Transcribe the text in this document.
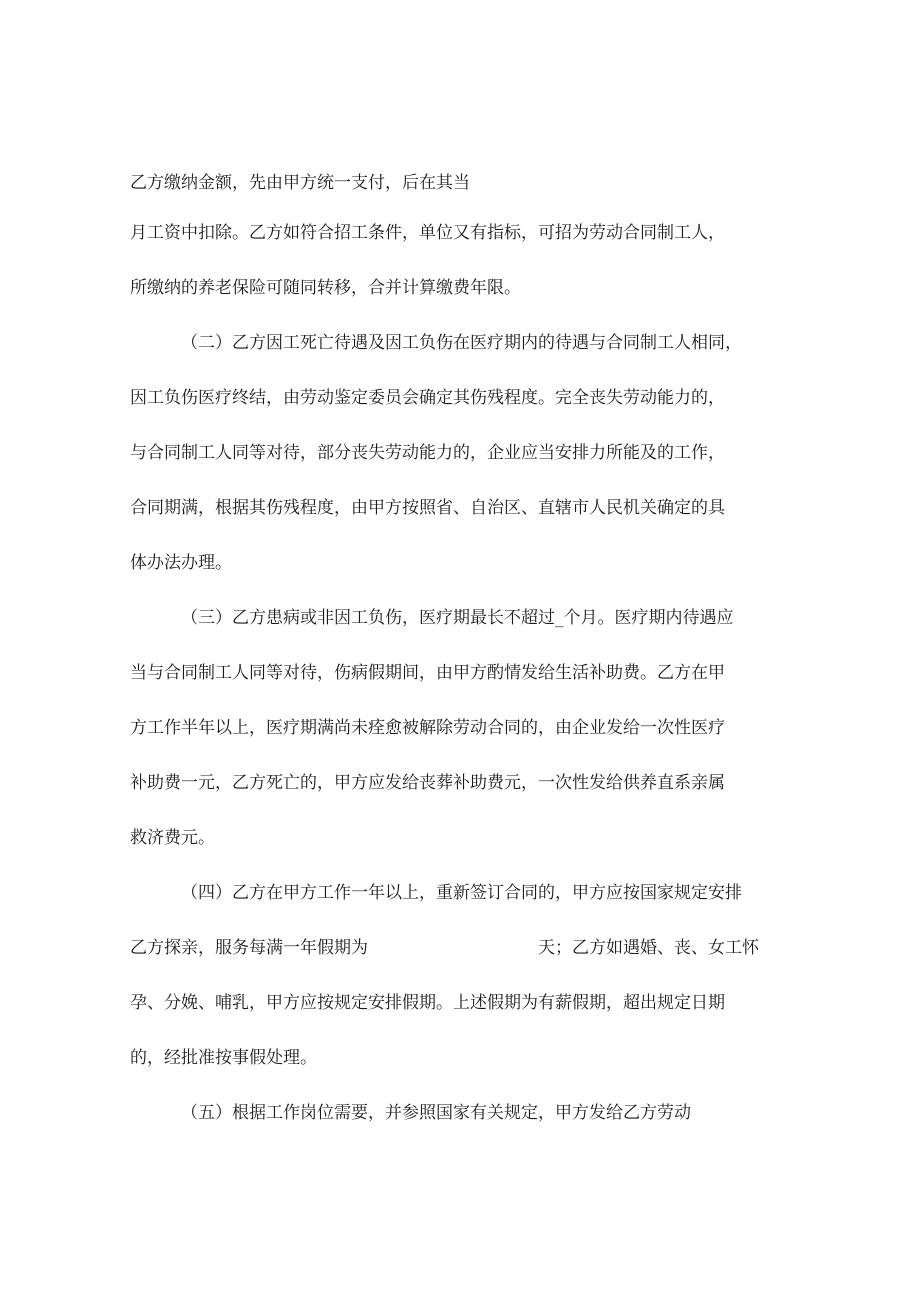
乙方缴纳金额，先由甲方统一支付，后在其当
月工资中扣除。乙方如符合招工条件，单位又有指标，可招为劳动合同制工人，
所缴纳的养老保险可随同转移，合并计算缴费年限。
（二）乙方因工死亡待遇及因工负伤在医疗期内的待遇与合同制工人相同，
因工负伤医疗终结，由劳动鉴定委员会确定其伤残程度。完全丧失劳动能力的，
与合同制工人同等对待，部分丧失劳动能力的，企业应当安排力所能及的工作，
合同期满，根据其伤残程度，由甲方按照省、自治区、直辖市人民机关确定的具
体办法办理。
（三）乙方患病或非因工负伤，医疗期最长不超过_个月。医疗期内待遇应
当与合同制工人同等对待，伤病假期间，由甲方酌情发给生活补助费。乙方在甲
方工作半年以上，医疗期满尚未痊愈被解除劳动合同的，由企业发给一次性医疗
补助费一元，乙方死亡的，甲方应发给丧葬补助费元，一次性发给供养直系亲属
救济费元。
（四）乙方在甲方工作一年以上，重新签订合同的，甲方应按国家规定安排
乙方探亲，服务每满一年假期为	天；乙方如遇婚、丧、女工怀
孕、分娩、哺乳，甲方应按规定安排假期。上述假期为有薪假期，超出规定日期
的，经批准按事假处理。
（五）根据工作岗位需要，并参照国家有关规定，甲方发给乙方劳动
